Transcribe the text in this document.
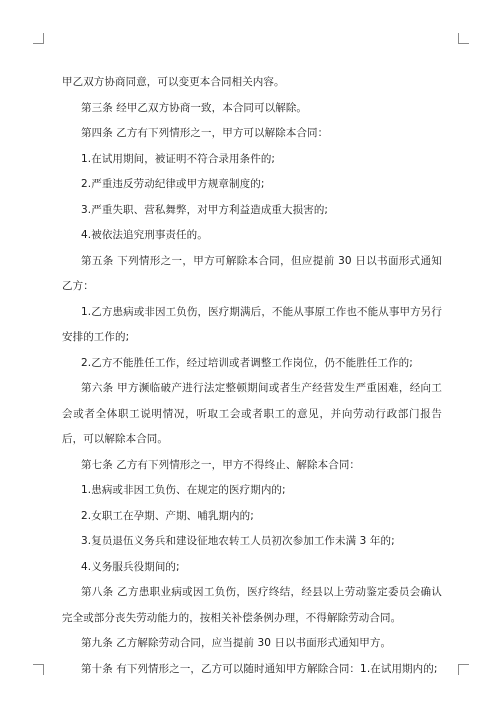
甲乙双方协商同意，可以变更本合同相关内容。

第三条 经甲乙双方协商一致，本合同可以解除。

第四条 乙方有下列情形之一，甲方可以解除本合同：

1.在试用期间，被证明不符合录用条件的;

2.严重违反劳动纪律或甲方规章制度的;

3.严重失职、营私舞弊，对甲方利益造成重大损害的;

4.被依法追究刑事责任的。

第五条 下列情形之一，甲方可解除本合同，但应提前 30 日以书面形式通知乙方：

1.乙方患病或非因工负伤，医疗期满后，不能从事原工作也不能从事甲方另行安排的工作的;

2.乙方不能胜任工作，经过培训或者调整工作岗位，仍不能胜任工作的;

第六条 甲方濒临破产进行法定整顿期间或者生产经营发生严重困难，经向工会或者全体职工说明情况，听取工会或者职工的意见，并向劳动行政部门报告后，可以解除本合同。

第七条 乙方有下列情形之一，甲方不得终止、解除本合同：

1.患病或非因工负伤、在规定的医疗期内的;

2.女职工在孕期、产期、哺乳期内的;

3.复员退伍义务兵和建设征地农转工人员初次参加工作未满 3 年的;

4.义务服兵役期间的;

第八条 乙方患职业病或因工负伤，医疗终结，经县以上劳动鉴定委员会确认完全或部分丧失劳动能力的，按相关补偿条例办理，不得解除劳动合同。

第九条 乙方解除劳动合同，应当提前 30 日以书面形式通知甲方。

第十条 有下列情形之一，乙方可以随时通知甲方解除合同：1.在试用期内的;
